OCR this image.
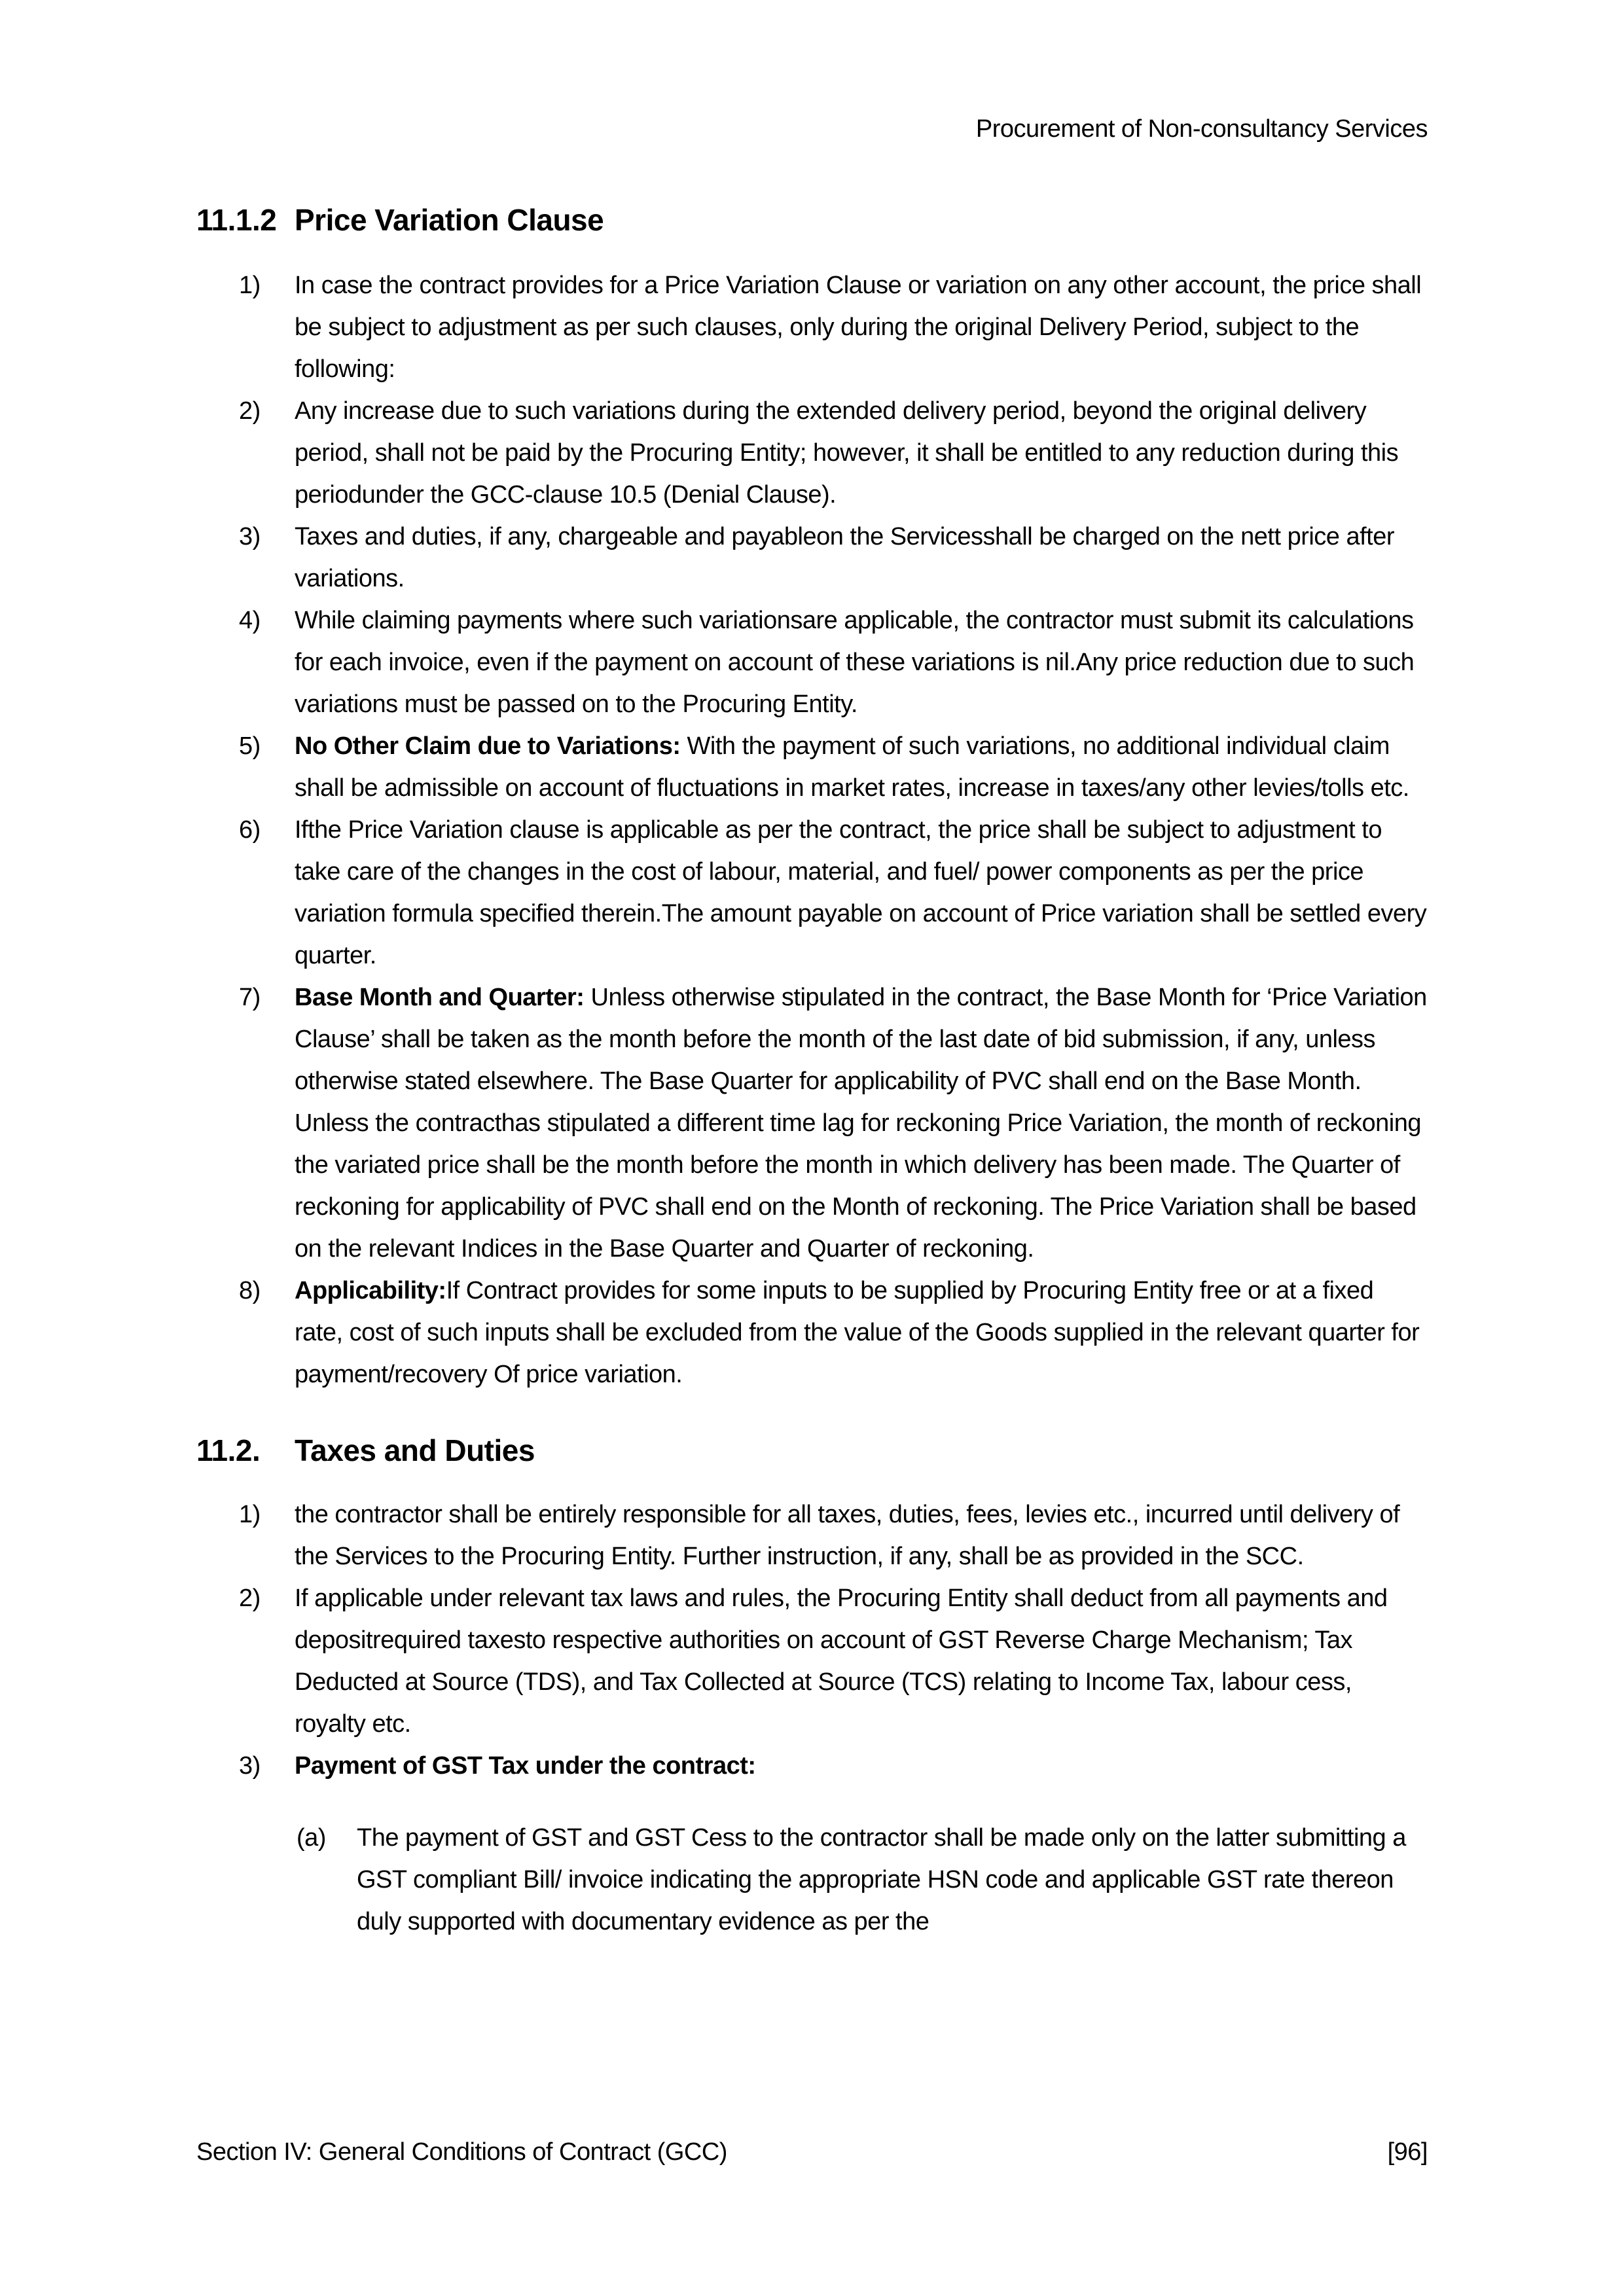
Procurement of Non-consultancy Services
11.1.2 Price Variation Clause
1)	In case the contract provides for a Price Variation Clause or variation on any other account, the price shall be subject to adjustment as per such clauses, only during the original Delivery Period, subject to the following:
2)	Any increase due to such variations during the extended delivery period, beyond the original delivery period, shall not be paid by the Procuring Entity; however, it shall be entitled to any reduction during this periodunder the GCC-clause 10.5 (Denial Clause).
3)	Taxes and duties, if any, chargeable and payableon the Servicesshall be charged on the nett price after variations.
4)	While claiming payments where such variationsare applicable, the contractor must submit its calculations for each invoice, even if the payment on account of these variations is nil.Any price reduction due to such variations must be passed on to the Procuring Entity.
5)	No Other Claim due to Variations: With the payment of such variations, no additional individual claim shall be admissible on account of fluctuations in market rates, increase in taxes/any other levies/tolls etc.
6)	Ifthe Price Variation clause is applicable as per the contract, the price shall be subject to adjustment to take care of the changes in the cost of labour, material, and fuel/ power components as per the price variation formula specified therein.The amount payable on account of Price variation shall be settled every quarter.
7)	Base Month and Quarter: Unless otherwise stipulated in the contract, the Base Month for ‘Price Variation Clause’ shall be taken as the month before the month of the last date of bid submission, if any, unless otherwise stated elsewhere. The Base Quarter for applicability of PVC shall end on the Base Month. Unless the contracthas stipulated a different time lag for reckoning Price Variation, the month of reckoning the variated price shall be the month before the month in which delivery has been made. The Quarter of reckoning for applicability of PVC shall end on the Month of reckoning. The Price Variation shall be based on the relevant Indices in the Base Quarter and Quarter of reckoning.
8)	Applicability:If Contract provides for some inputs to be supplied by Procuring Entity free or at a fixed rate, cost of such inputs shall be excluded from the value of the Goods supplied in the relevant quarter for payment/recovery Of price variation.
11.2.	Taxes and Duties
1)	the contractor shall be entirely responsible for all taxes, duties, fees, levies etc., incurred until delivery of the Services to the Procuring Entity. Further instruction, if any, shall be as provided in the SCC.
2)	If applicable under relevant tax laws and rules, the Procuring Entity shall deduct from all payments and depositrequired taxesto respective authorities on account of GST Reverse Charge Mechanism; Tax Deducted at Source (TDS), and Tax Collected at Source (TCS) relating to Income Tax, labour cess, royalty etc.
3)	Payment of GST Tax under the contract:
(a)	The payment of GST and GST Cess to the contractor shall be made only on the latter submitting a GST compliant Bill/ invoice indicating the appropriate HSN code and applicable GST rate thereon duly supported with documentary evidence as per the
Section IV: General Conditions of Contract (GCC)	[96]
